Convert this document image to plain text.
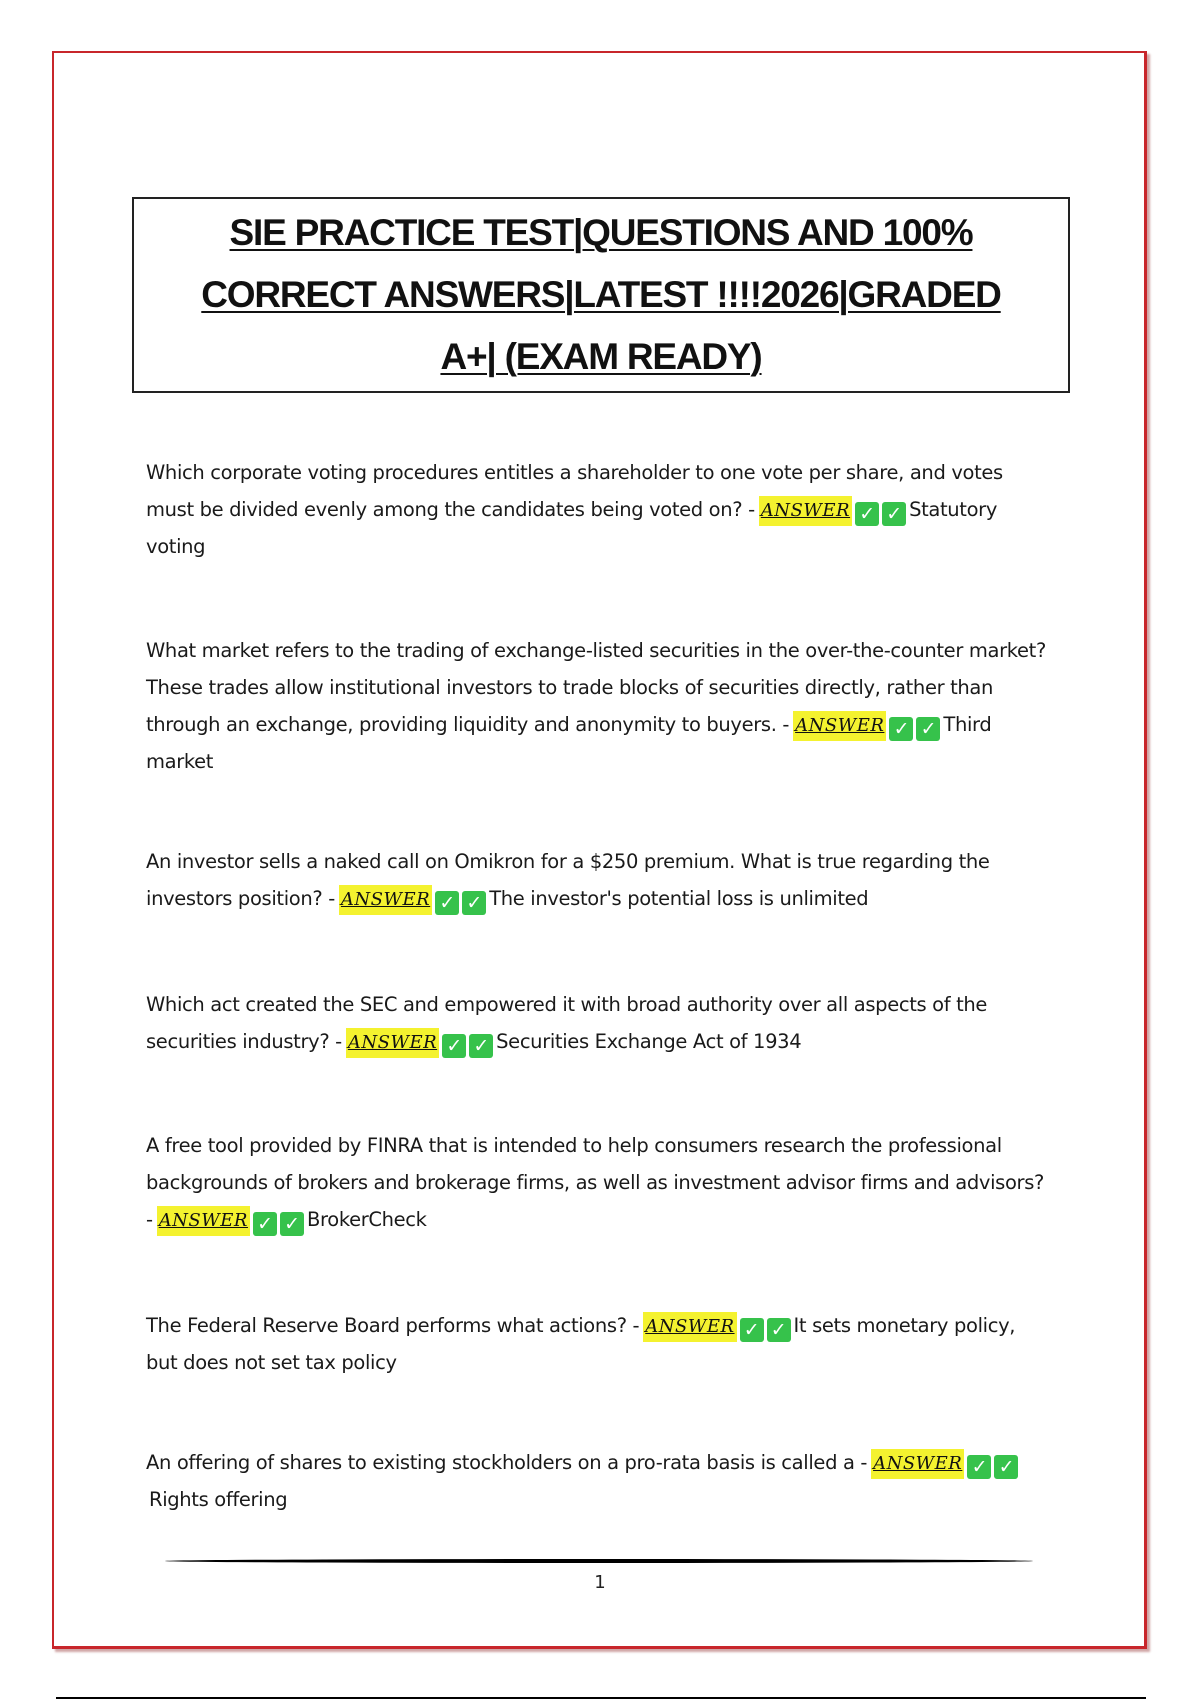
SIE PRACTICE TEST|QUESTIONS AND 100%
CORRECT ANSWERS|LATEST !!!!2026|GRADED
A+| (EXAM READY)
Which corporate voting procedures entitles a shareholder to one vote per share, and votes must be divided evenly among the candidates being voted on? - ANSWER ✓ ✓ Statutory voting
What market refers to the trading of exchange-listed securities in the over-the-counter market? These trades allow institutional investors to trade blocks of securities directly, rather than through an exchange, providing liquidity and anonymity to buyers. - ANSWER ✓ ✓ Third market
An investor sells a naked call on Omikron for a $250 premium. What is true regarding the investors position? - ANSWER ✓ ✓ The investor's potential loss is unlimited
Which act created the SEC and empowered it with broad authority over all aspects of the securities industry? - ANSWER ✓ ✓ Securities Exchange Act of 1934
A free tool provided by FINRA that is intended to help consumers research the professional backgrounds of brokers and brokerage firms, as well as investment advisor firms and advisors? - ANSWER ✓ ✓ BrokerCheck
The Federal Reserve Board performs what actions? - ANSWER ✓ ✓ It sets monetary policy, but does not set tax policy
An offering of shares to existing stockholders on a pro-rata basis is called a - ANSWER ✓ ✓Rights offering
1
